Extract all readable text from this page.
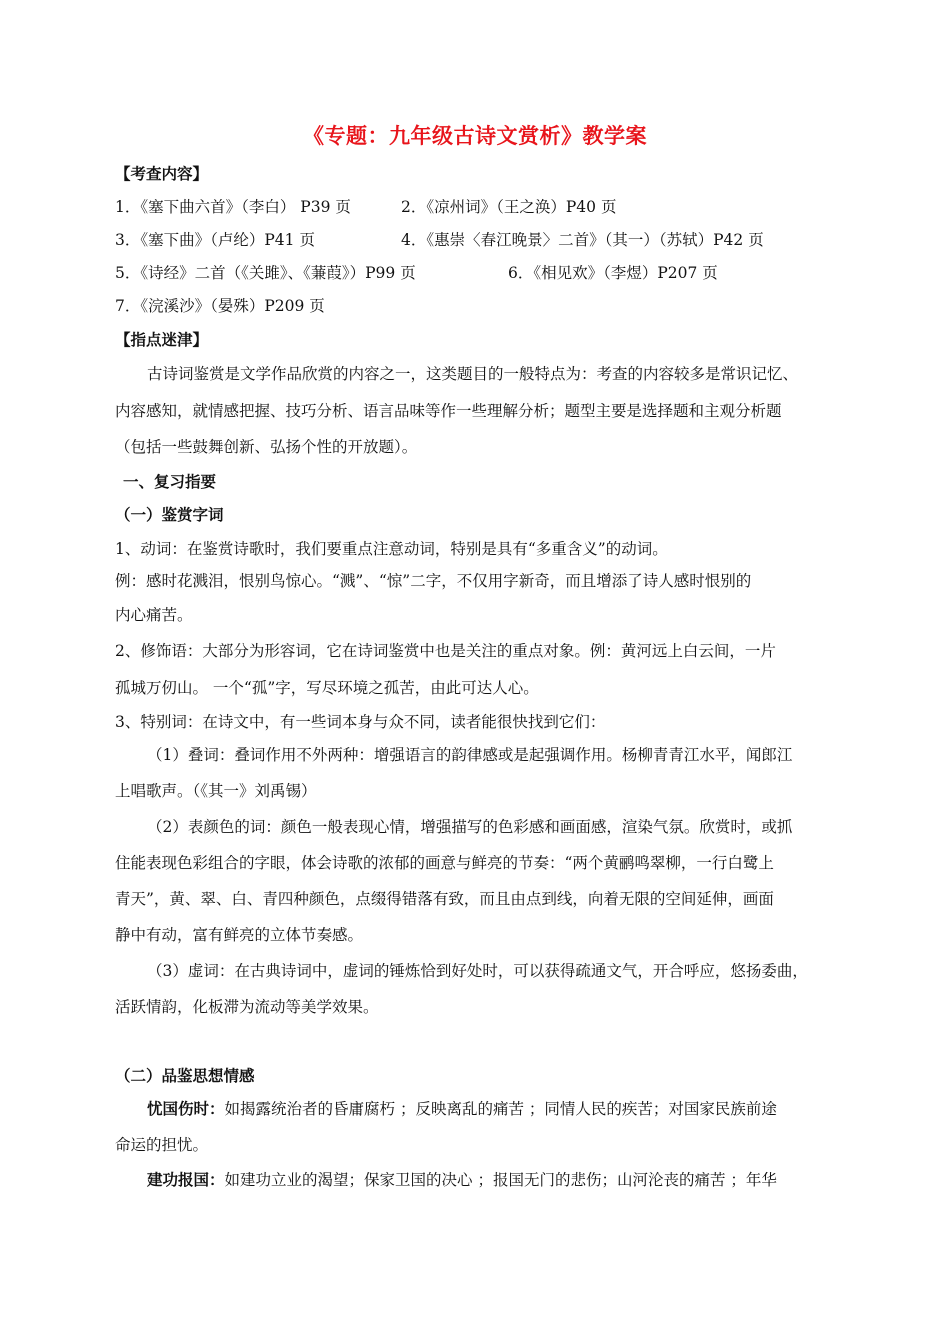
《专题：九年级古诗文赏析》教学案
【考查内容】
1．《塞下曲六首》（李白） P39 页	2．《凉州词》（王之涣）P40 页
3．《塞下曲》（卢纶）P41 页	4．《惠崇〈春江晚景〉二首》（其一）（苏轼）P42 页
5．《诗经》二首（《关雎》、《蒹葭》）P99 页	6．《相见欢》（李煜）P207 页
7．《浣溪沙》（晏殊）P209 页
【指点迷津】
古诗词鉴赏是文学作品欣赏的内容之一，这类题目的一般特点为：考查的内容较多是常识记忆、
内容感知，就情感把握、技巧分析、语言品味等作一些理解分析；题型主要是选择题和主观分析题
（包括一些鼓舞创新、弘扬个性的开放题）。
一、复习指要
（一）鉴赏字词
1、动词：在鉴赏诗歌时，我们要重点注意动词，特别是具有“多重含义”的动词。
例：感时花溅泪，恨别鸟惊心。“溅”、“惊”二字，不仅用字新奇，而且增添了诗人感时恨别的
内心痛苦。
2、修饰语：大部分为形容词，它在诗词鉴赏中也是关注的重点对象。例：黄河远上白云间，一片
孤城万仞山。 一个“孤”字，写尽环境之孤苦，由此可达人心。
3、特别词：在诗文中，有一些词本身与众不同，读者能很快找到它们：
（1）叠词：叠词作用不外两种：增强语言的韵律感或是起强调作用。杨柳青青江水平，闻郎江
上唱歌声。（《其一》刘禹锡）
（2）表颜色的词：颜色一般表现心情，增强描写的色彩感和画面感，渲染气氛。欣赏时，或抓
住能表现色彩组合的字眼，体会诗歌的浓郁的画意与鲜亮的节奏：“两个黄鹂鸣翠柳，一行白鹭上
青天”，黄、翠、白、青四种颜色，点缀得错落有致，而且由点到线，向着无限的空间延伸，画面
静中有动，富有鲜亮的立体节奏感。
（3）虚词：在古典诗词中，虚词的锤炼恰到好处时，可以获得疏通文气，开合呼应，悠扬委曲，
活跃情韵，化板滞为流动等美学效果。
（二）品鉴思想情感
忧国伤时：如揭露统治者的昏庸腐朽 ；反映离乱的痛苦 ；同情人民的疾苦；对国家民族前途
命运的担忧。
建功报国：如建功立业的渴望；保家卫国的决心 ；报国无门的悲伤；山河沦丧的痛苦 ；年华
